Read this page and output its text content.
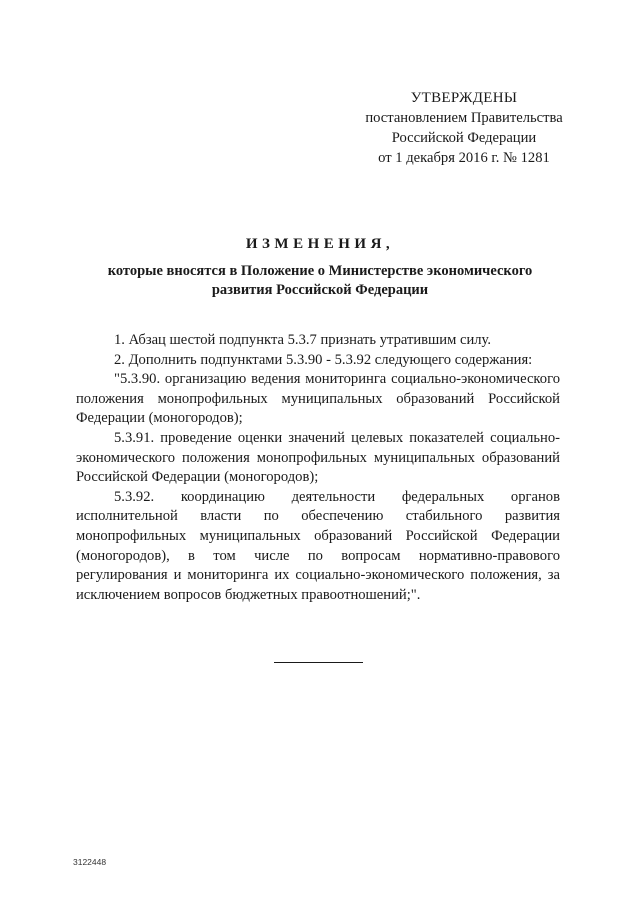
УТВЕРЖДЕНЫ
постановлением Правительства
Российской Федерации
от 1 декабря 2016 г. № 1281
ИЗМЕНЕНИЯ,
которые вносятся в Положение о Министерстве экономического
развития Российской Федерации

1. Абзац шестой подпункта 5.3.7 признать утратившим силу.

2. Дополнить подпунктами 5.3.90 - 5.3.92 следующего содержания:

"5.3.90. организацию ведения мониторинга социально-экономического положения монопрофильных муниципальных образований Российской Федерации (моногородов);

5.3.91. проведение оценки значений целевых показателей социально-экономического положения монопрофильных муниципальных образований Российской Федерации (моногородов);

5.3.92. координацию деятельности федеральных органов исполнительной власти по обеспечению стабильного развития монопрофильных муниципальных образований Российской Федерации (моногородов), в том числе по вопросам нормативно-правового регулирования и мониторинга их социально-экономического положения, за исключением вопросов бюджетных правоотношений;".

3122448
